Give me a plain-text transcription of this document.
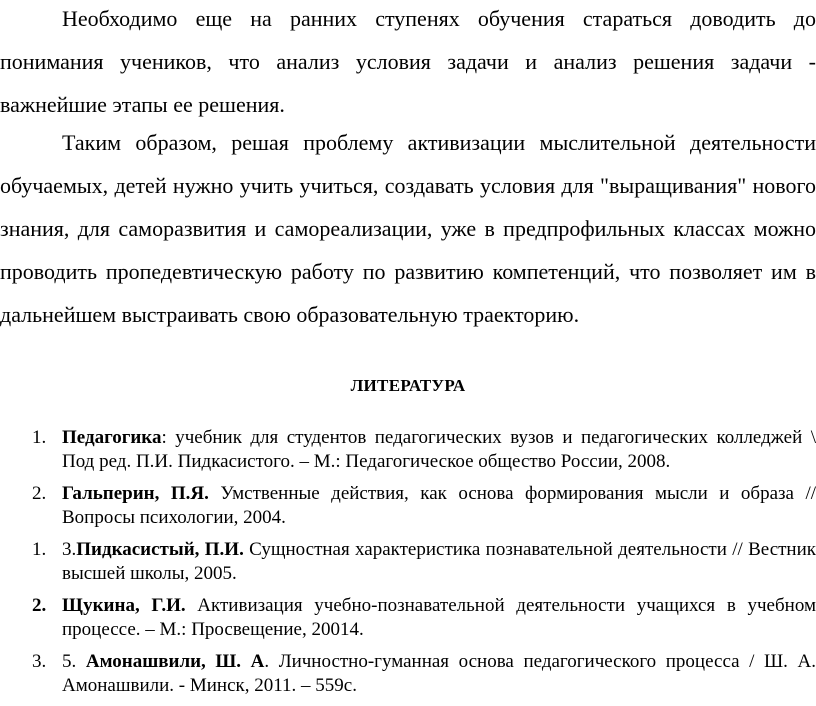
Необходимо еще на ранних ступенях обучения стараться доводить до понимания учеников, что анализ условия задачи и анализ решения задачи - важнейшие этапы ее решения.

Таким образом, решая проблему активизации мыслительной деятельности обучаемых, детей нужно учить учиться, создавать условия для "выращивания" нового знания, для саморазвития и самореализации, уже в предпрофильных классах можно проводить пропедевтическую работу по развитию компетенций, что позволяет им в дальнейшем выстраивать свою образовательную траекторию.

ЛИТЕРАТУРА
1. Педагогика: учебник для студентов педагогических вузов и педагогических колледжей \ Под ред. П.И. Пидкасистого. – М.: Педагогическое общество России, 2008.
2. Гальперин, П.Я. Умственные действия, как основа формирования мысли и образа // Вопросы психологии, 2004.
1. 3.Пидкасистый, П.И. Сущностная характеристика познавательной деятельности // Вестник высшей школы, 2005.
2. Щукина, Г.И. Активизация учебно-познавательной деятельности учащихся в учебном процессе. – М.: Просвещение, 20014.
3. 5. Амонашвили, Ш. А. Личностно-гуманная основа педагогического процесса / Ш. А. Амонашвили. - Минск, 2011. – 559с.
